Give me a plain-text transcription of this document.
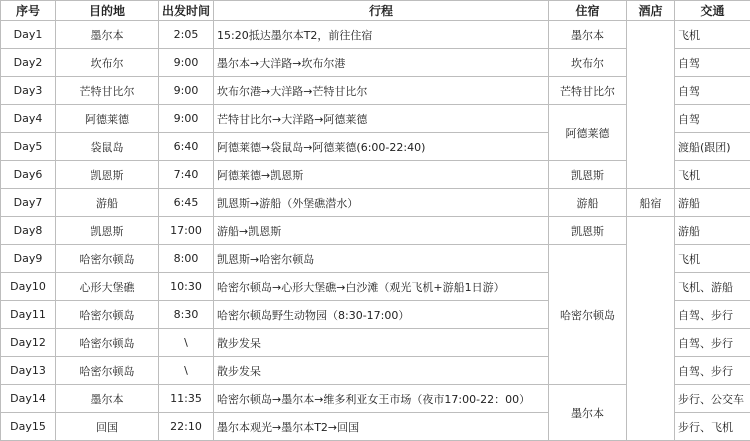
序号	目的地	出发时间	行程	住宿	酒店	交通
Day1	墨尔本	2:05	15:20抵达墨尔本T2，前往住宿	墨尔本		飞机
Day2	坎布尔	9:00	墨尔本→大洋路→坎布尔港	坎布尔		自驾
Day3	芒特甘比尔	9:00	坎布尔港→大洋路→芒特甘比尔	芒特甘比尔		自驾
Day4	阿德莱德	9:00	芒特甘比尔→大洋路→阿德莱德	阿德莱德		自驾
Day5	袋鼠岛	6:40	阿德莱德→袋鼠岛→阿德莱德(6:00-22:40)			渡船(跟团)
Day6	凯恩斯	7:40	阿德莱德→凯恩斯	凯恩斯		飞机
Day7	游船	6:45	凯恩斯→游船（外堡礁潜水）	游船	船宿	游船
Day8	凯恩斯	17:00	游船→凯恩斯	凯恩斯		游船
Day9	哈密尔顿岛	8:00	凯恩斯→哈密尔顿岛	哈密尔顿岛		飞机
Day10	心形大堡礁	10:30	哈密尔顿岛→心形大堡礁→白沙滩（观光飞机+游船1日游）			飞机、游船
Day11	哈密尔顿岛	8:30	哈密尔顿岛野生动物园（8:30-17:00）			自驾、步行
Day12	哈密尔顿岛	\	散步发呆			自驾、步行
Day13	哈密尔顿岛	\	散步发呆			自驾、步行
Day14	墨尔本	11:35	哈密尔顿岛→墨尔本→维多利亚女王市场（夜市17:00-22：00）	墨尔本		步行、公交车
Day15	回国	22:10	墨尔本观光→墨尔本T2→回国			步行、飞机
